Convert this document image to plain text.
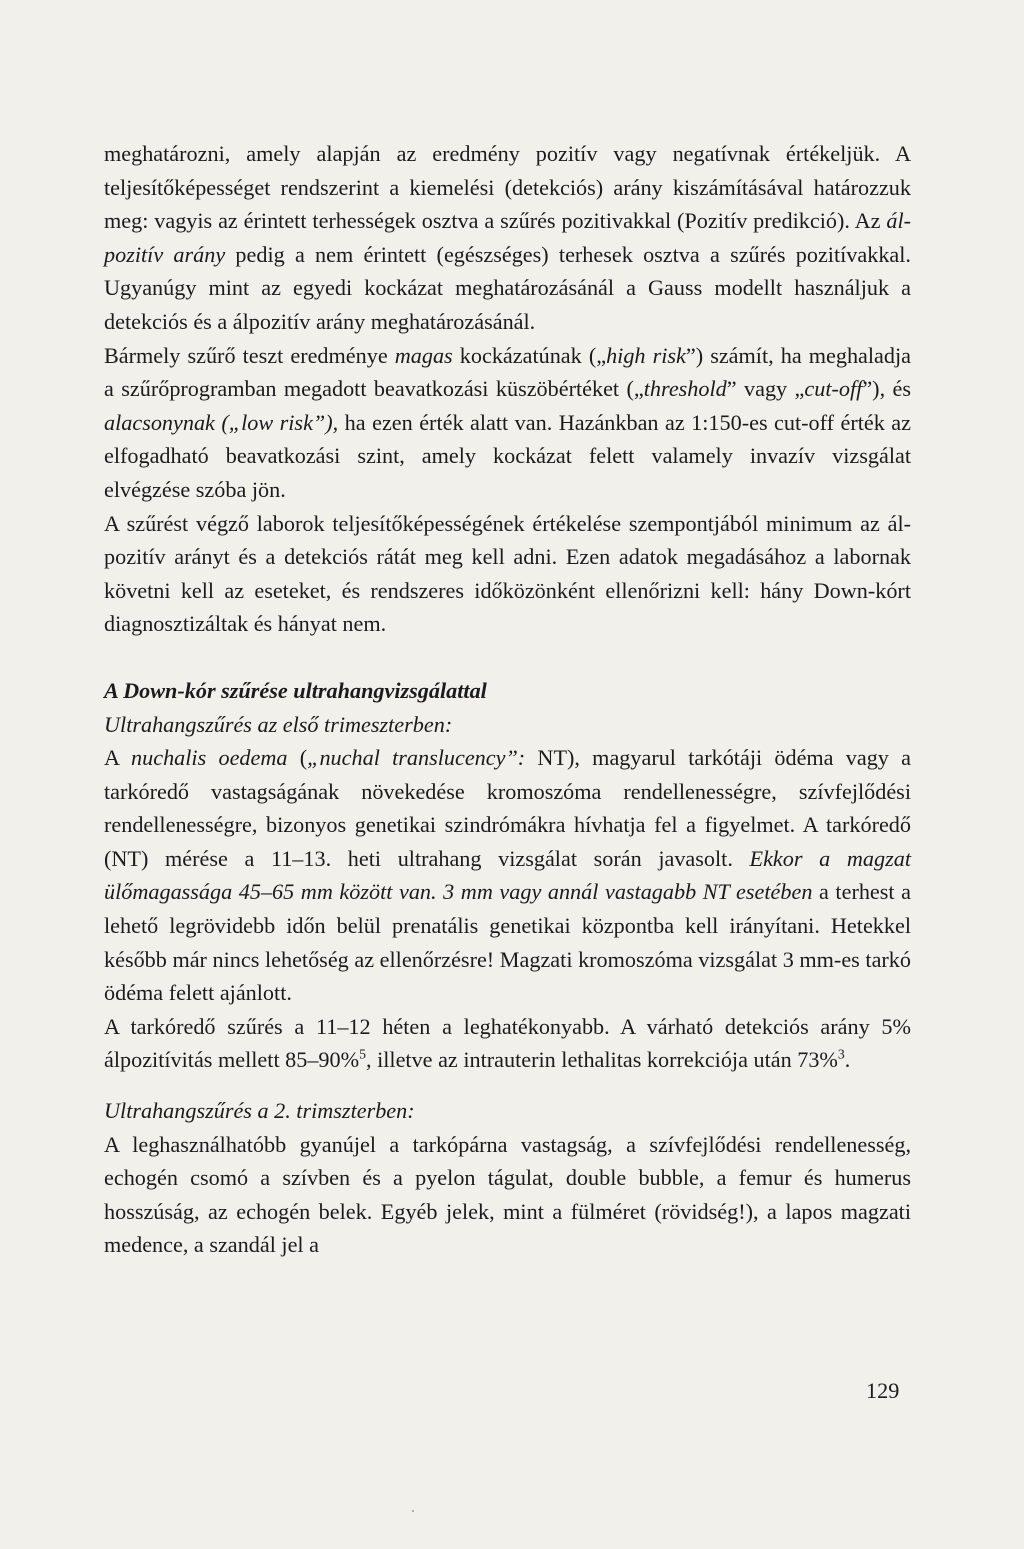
meghatározni, amely alapján az eredmény pozitív vagy negatívnak értékeljük. A teljesítőképességet rendszerint a kiemelési (detekciós) arány kiszámításával határozzuk meg: vagyis az érintett terhességek osztva a szűrés pozitivakkal (Pozitív predikció). Az ál-pozitív arány pedig a nem érintett (egészséges) terhesek osztva a szűrés pozitívakkal. Ugyanúgy mint az egyedi kockázat meghatározásánál a Gauss modellt használjuk a detekciós és a álpozitív arány meghatározásánál.

Bármely szűrő teszt eredménye magas kockázatúnak („high risk”) számít, ha meghaladja a szűrőprogramban megadott beavatkozási küszöbértéket („threshold” vagy „cut-off”), és alacsonynak („low risk”), ha ezen érték alatt van. Hazánkban az 1:150-es cut-off érték az elfogadható beavatkozási szint, amely kockázat felett valamely invazív vizsgálat elvégzése szóba jön.

A szűrést végző laborok teljesítőképességének értékelése szempontjából minimum az ál-pozitív arányt és a detekciós rátát meg kell adni. Ezen adatok megadásához a labornak követni kell az eseteket, és rendszeres időközönként ellenőrizni kell: hány Down-kórt diagnosztizáltak és hányat nem.

A Down-kór szűrése ultrahangvizsgálattal

Ultrahangszűrés az első trimeszterben:

A nuchalis oedema („nuchal translucency”: NT), magyarul tarkótáji ödéma vagy a tarkóredő vastagságának növekedése kromoszóma rendellenességre, szívfejlődési rendellenességre, bizonyos genetikai szindrómákra hívhatja fel a figyelmet. A tarkóredő (NT) mérése a 11–13. heti ultrahang vizsgálat során javasolt. Ekkor a magzat ülőmagassága 45–65 mm között van. 3 mm vagy annál vastagabb NT esetében a terhest a lehető legrövidebb időn belül prenatális genetikai központba kell irányítani. Hetekkel később már nincs lehetőség az ellenőrzésre! Magzati kromoszóma vizsgálat 3 mm-es tarkó ödéma felett ajánlott.

A tarkóredő szűrés a 11–12 héten a leghatékonyabb. A várható detekciós arány 5% álpozitívitás mellett 85–90%$^5$, illetve az intrauterin lethalitas korrekciója után 73%$^3$.

Ultrahangszűrés a 2. trimszterben:

A leghasználhatóbb gyanújel a tarkópárna vastagság, a szívfejlődési rendellenesség, echogén csomó a szívben és a pyelon tágulat, double bubble, a femur és humerus hosszúság, az echogén belek. Egyéb jelek, mint a fülméret (rövidség!), a lapos magzati medence, a szandál jel a

129
